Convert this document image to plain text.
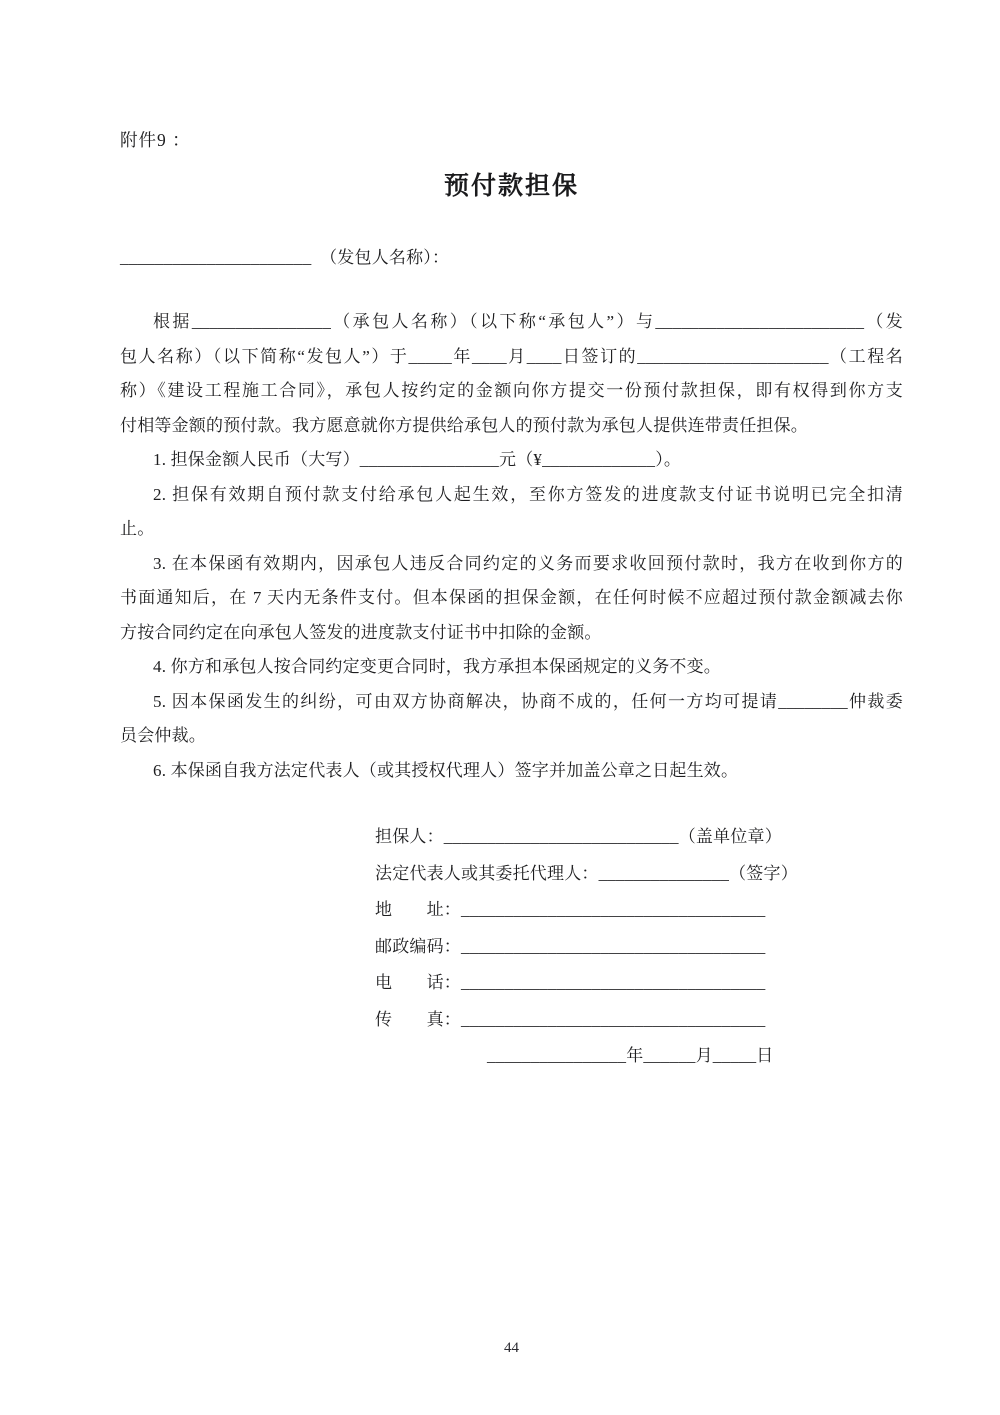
附件9 ：
预付款担保
______________________　（发包人名称）：
根据________________（承包人名称）（以下称“承包人”）与________________________（发
包人名称）（以下简称“发包人”）于_____年____月____日签订的______________________（工程名
称）《建设工程施工合同》，承包人按约定的金额向你方提交一份预付款担保，即有权得到你方支
付相等金额的预付款。我方愿意就你方提供给承包人的预付款为承包人提供连带责任担保。
1. 担保金额人民币（大写）________________元（¥_____________）。
2. 担保有效期自预付款支付给承包人起生效，至你方签发的进度款支付证书说明已完全扣清
止。
3. 在本保函有效期内，因承包人违反合同约定的义务而要求收回预付款时，我方在收到你方的
书面通知后，在 7 天内无条件支付。但本保函的担保金额，在任何时候不应超过预付款金额减去你
方按合同约定在向承包人签发的进度款支付证书中扣除的金额。
4. 你方和承包人按合同约定变更合同时，我方承担本保函规定的义务不变。
5. 因本保函发生的纠纷，可由双方协商解决，协商不成的，任何一方均可提请________仲裁委
员会仲裁。
6. 本保函自我方法定代表人（或其授权代理人）签字并加盖公章之日起生效。
担保人：___________________________（盖单位章）
法定代表人或其委托代理人：_______________（签字）
地　　址：___________________________________
邮政编码：___________________________________
电　　话：___________________________________
传　　真：___________________________________
________________年______月_____日
44
